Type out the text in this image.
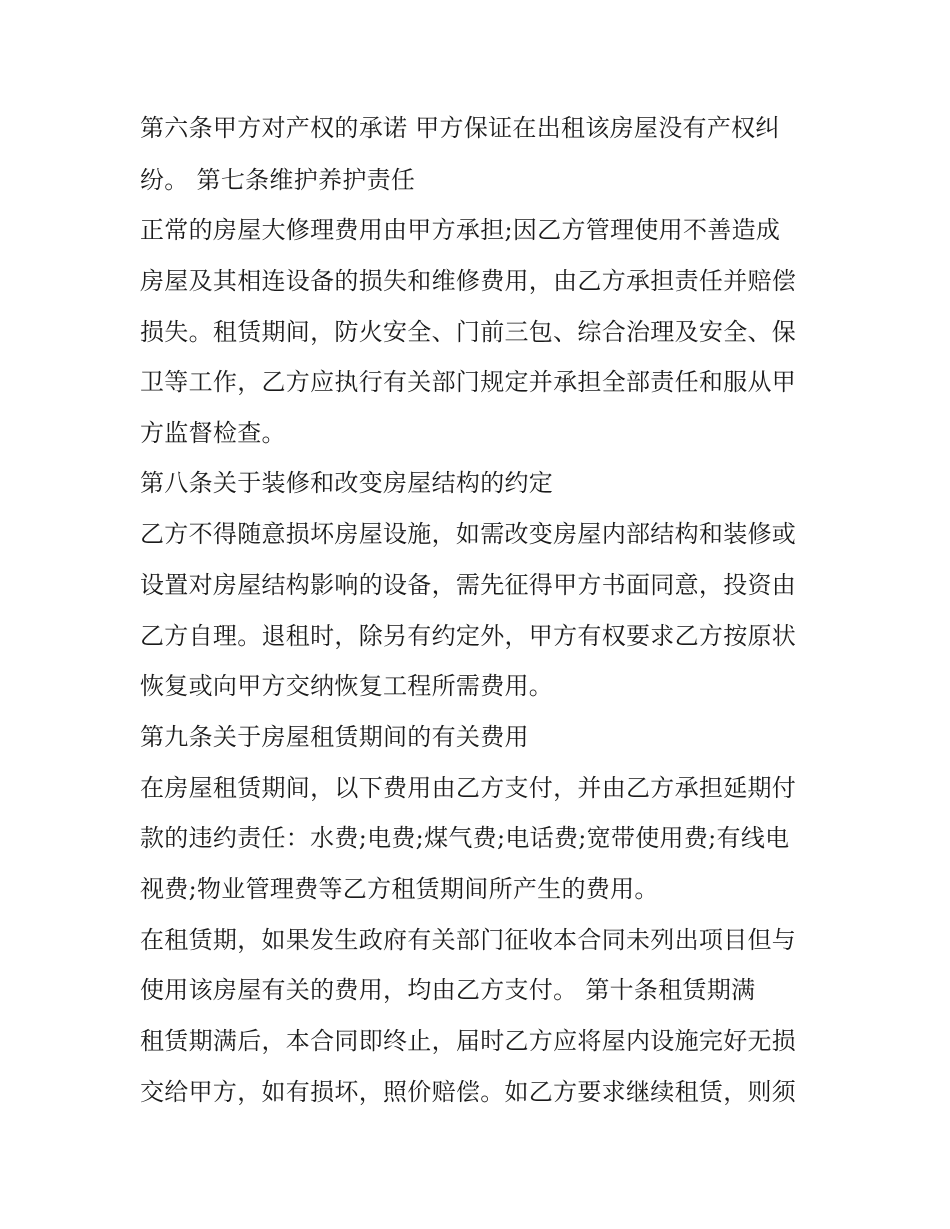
第六条甲方对产权的承诺 甲方保证在出租该房屋没有产权纠
纷。 第七条维护养护责任
正常的房屋大修理费用由甲方承担;因乙方管理使用不善造成
房屋及其相连设备的损失和维修费用，由乙方承担责任并赔偿
损失。租赁期间，防火安全、门前三包、综合治理及安全、保
卫等工作，乙方应执行有关部门规定并承担全部责任和服从甲
方监督检查。
第八条关于装修和改变房屋结构的约定
乙方不得随意损坏房屋设施，如需改变房屋内部结构和装修或
设置对房屋结构影响的设备，需先征得甲方书面同意，投资由
乙方自理。退租时，除另有约定外，甲方有权要求乙方按原状
恢复或向甲方交纳恢复工程所需费用。
第九条关于房屋租赁期间的有关费用
在房屋租赁期间，以下费用由乙方支付，并由乙方承担延期付
款的违约责任：水费;电费;煤气费;电话费;宽带使用费;有线电
视费;物业管理费等乙方租赁期间所产生的费用。
在租赁期，如果发生政府有关部门征收本合同未列出项目但与
使用该房屋有关的费用，均由乙方支付。 第十条租赁期满
租赁期满后，本合同即终止，届时乙方应将屋内设施完好无损
交给甲方，如有损坏，照价赔偿。如乙方要求继续租赁，则须
